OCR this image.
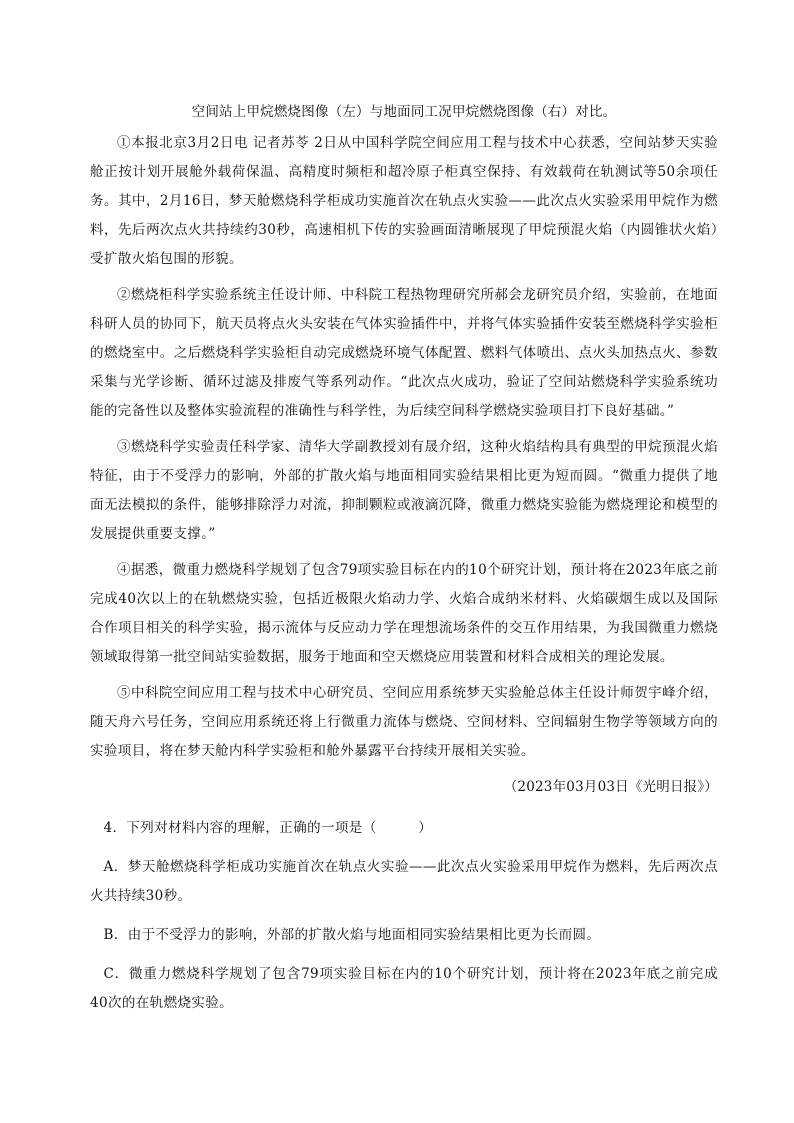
空间站上甲烷燃烧图像（左）与地面同工况甲烷燃烧图像（右）对比。

①本报北京3月2日电 记者苏苓 2日从中国科学院空间应用工程与技术中心获悉，空间站梦天实验舱正按计划开展舱外载荷保温、高精度时频柜和超冷原子柜真空保持、有效载荷在轨测试等50余项任务。其中，2月16日，梦天舱燃烧科学柜成功实施首次在轨点火实验——此次点火实验采用甲烷作为燃料，先后两次点火共持续约30秒，高速相机下传的实验画面清晰展现了甲烷预混火焰（内圆锥状火焰）受扩散火焰包围的形貌。

②燃烧柜科学实验系统主任设计师、中科院工程热物理研究所郝会龙研究员介绍，实验前，在地面科研人员的协同下，航天员将点火头安装在气体实验插件中，并将气体实验插件安装至燃烧科学实验柜的燃烧室中。之后燃烧科学实验柜自动完成燃烧环境气体配置、燃料气体喷出、点火头加热点火、参数采集与光学诊断、循环过滤及排废气等系列动作。“此次点火成功，验证了空间站燃烧科学实验系统功能的完备性以及整体实验流程的准确性与科学性，为后续空间科学燃烧实验项目打下良好基础。”

③燃烧科学实验责任科学家、清华大学副教授刘有晟介绍，这种火焰结构具有典型的甲烷预混火焰特征，由于不受浮力的影响，外部的扩散火焰与地面相同实验结果相比更为短而圆。“微重力提供了地面无法模拟的条件，能够排除浮力对流，抑制颗粒或液滴沉降，微重力燃烧实验能为燃烧理论和模型的发展提供重要支撑。”

④据悉，微重力燃烧科学规划了包含79项实验目标在内的10个研究计划，预计将在2023年底之前完成40次以上的在轨燃烧实验，包括近极限火焰动力学、火焰合成纳米材料、火焰碳烟生成以及国际合作项目相关的科学实验，揭示流体与反应动力学在理想流场条件的交互作用结果，为我国微重力燃烧领域取得第一批空间站实验数据，服务于地面和空天燃烧应用装置和材料合成相关的理论发展。

⑤中科院空间应用工程与技术中心研究员、空间应用系统梦天实验舱总体主任设计师贺宇峰介绍，随天舟六号任务，空间应用系统还将上行微重力流体与燃烧、空间材料、空间辐射生物学等领域方向的实验项目，将在梦天舱内科学实验柜和舱外暴露平台持续开展相关实验。

（2023年03月03日《光明日报》）

4．下列对材料内容的理解，正确的一项是（　　　）

A．梦天舱燃烧科学柜成功实施首次在轨点火实验——此次点火实验采用甲烷作为燃料，先后两次点火共持续30秒。

B．由于不受浮力的影响，外部的扩散火焰与地面相同实验结果相比更为长而圆。

C．微重力燃烧科学规划了包含79项实验目标在内的10个研究计划，预计将在2023年底之前完成40次的在轨燃烧实验。
